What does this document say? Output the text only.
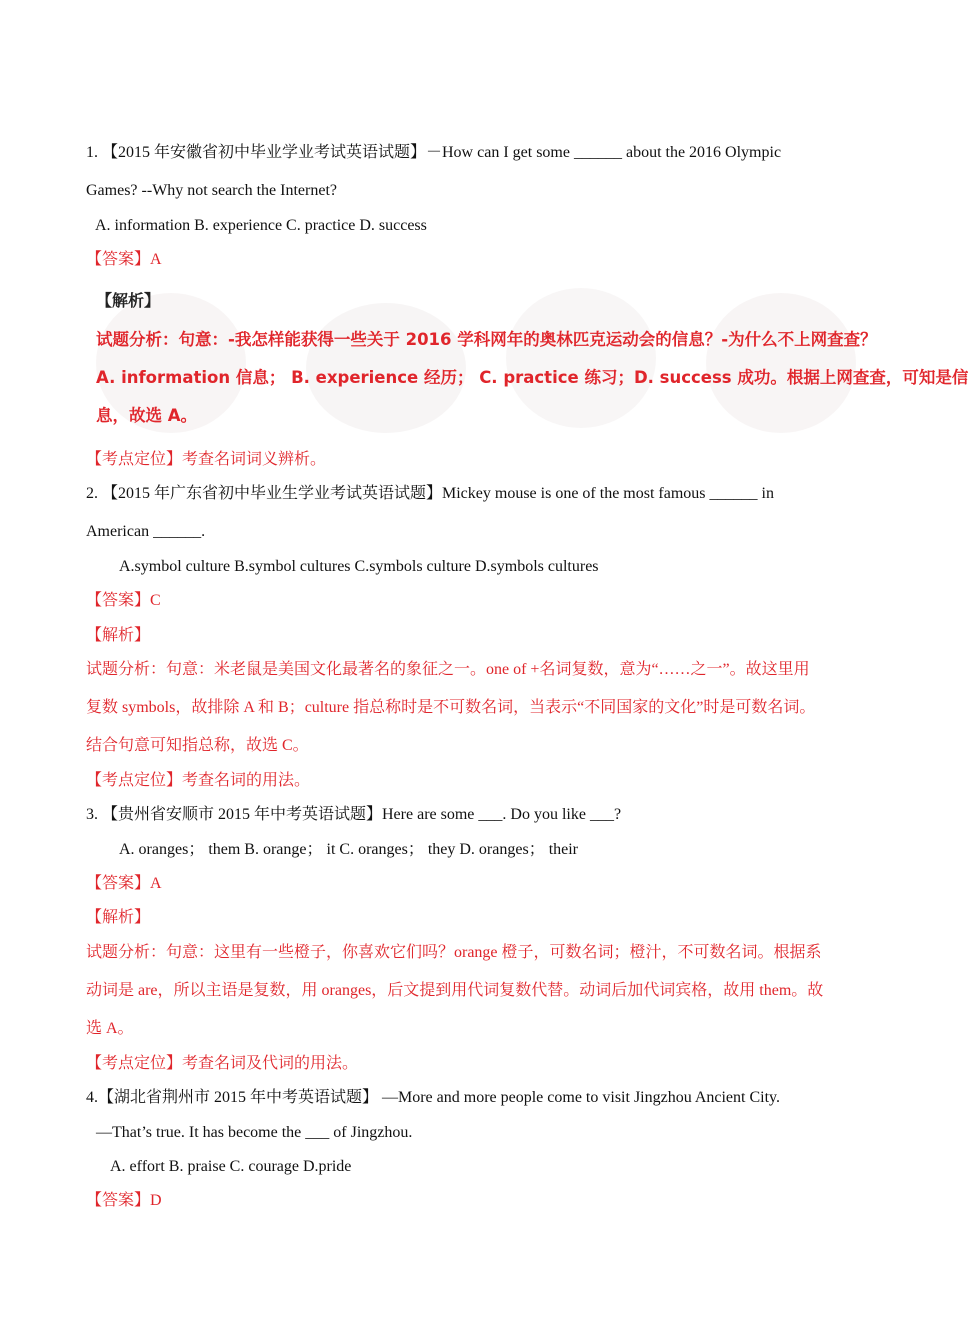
1. 【2015 年安徽省初中毕业学业考试英语试题】－How can I get some ______ about the 2016 Olympic
Games? --Why not search the Internet?
A. information B. experience C. practice D. success
【答案】A
【解析】
试题分析：句意：-我怎样能获得一些关于 2016 学科网年的奥林匹克运动会的信息？-为什么不上网查查？
A. information 信息； B. experience 经历； C. practice 练习；D. success 成功。根据上网查查，可知是信
息，故选 A。
【考点定位】考查名词词义辨析。
2. 【2015 年广东省初中毕业生学业考试英语试题】Mickey mouse is one of the most famous ______ in
American ______.
A.symbol culture B.symbol cultures C.symbols culture D.symbols cultures
【答案】C
【解析】
试题分析：句意：米老鼠是美国文化最著名的象征之一。one of +名词复数，意为“……之一”。故这里用
复数 symbols，故排除 A 和 B；culture 指总称时是不可数名词，当表示“不同国家的文化”时是可数名词。
结合句意可知指总称，故选 C。
【考点定位】考查名词的用法。
3. 【贵州省安顺市 2015 年中考英语试题】Here are some ___. Do you like ___?
A. oranges； them B. orange； it C. oranges； they D. oranges； their
【答案】A
【解析】
试题分析：句意：这里有一些橙子，你喜欢它们吗？orange 橙子，可数名词；橙汁，不可数名词。根据系
动词是 are，所以主语是复数，用 oranges，后文提到用代词复数代替。动词后加代词宾格，故用 them。故
选 A。
【考点定位】考查名词及代词的用法。
4.【湖北省荆州市 2015 年中考英语试题】 —More and more people come to visit Jingzhou Ancient City.
—That’s true. It has become the ___ of Jingzhou.
A. effort B. praise C. courage D.pride
【答案】D
